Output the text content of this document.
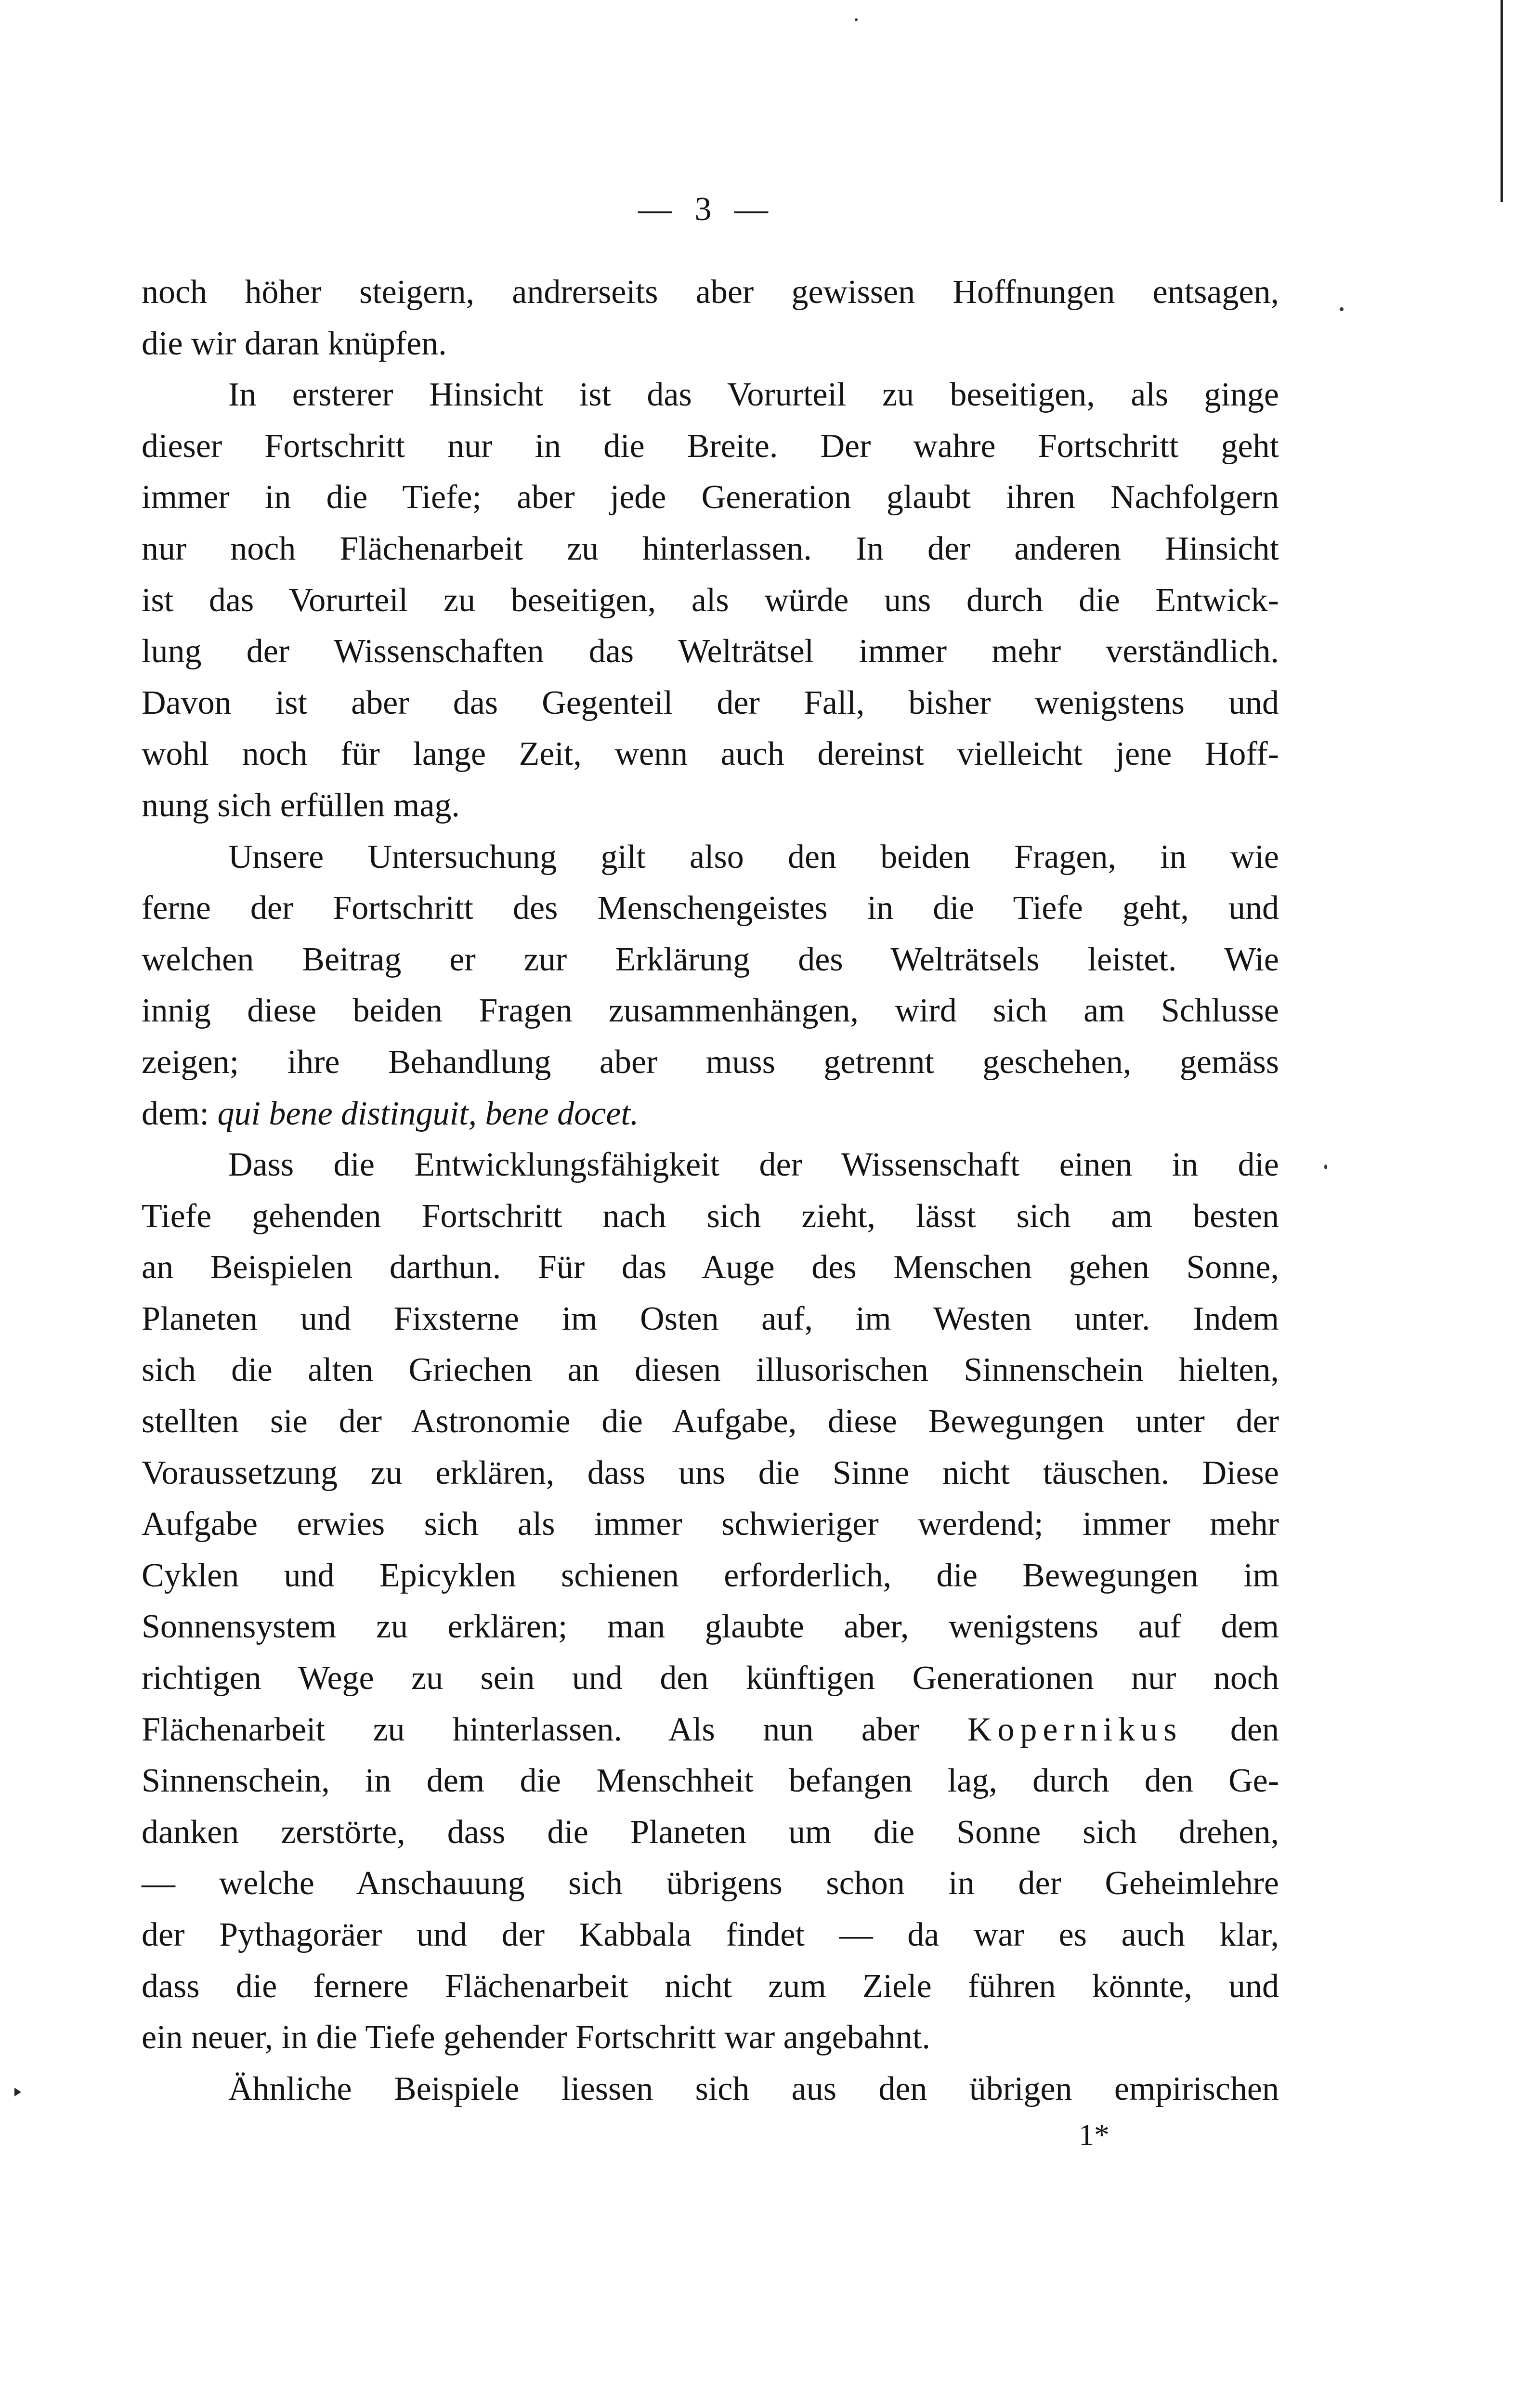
— 3 —
noch höher steigern, andrerseits aber gewissen Hoffnungen entsagen,
die wir daran knüpfen.
In ersterer Hinsicht ist das Vorurteil zu beseitigen, als ginge
dieser Fortschritt nur in die Breite. Der wahre Fortschritt geht
immer in die Tiefe; aber jede Generation glaubt ihren Nachfolgern
nur noch Flächenarbeit zu hinterlassen. In der anderen Hinsicht
ist das Vorurteil zu beseitigen, als würde uns durch die Entwick-
lung der Wissenschaften das Welträtsel immer mehr verständlich.
Davon ist aber das Gegenteil der Fall, bisher wenigstens und
wohl noch für lange Zeit, wenn auch dereinst vielleicht jene Hoff-
nung sich erfüllen mag.
Unsere Untersuchung gilt also den beiden Fragen, in wie
ferne der Fortschritt des Menschengeistes in die Tiefe geht, und
welchen Beitrag er zur Erklärung des Welträtsels leistet. Wie
innig diese beiden Fragen zusammenhängen, wird sich am Schlusse
zeigen; ihre Behandlung aber muss getrennt geschehen, gemäss
dem: qui bene distinguit, bene docet.
Dass die Entwicklungsfähigkeit der Wissenschaft einen in die
Tiefe gehenden Fortschritt nach sich zieht, lässt sich am besten
an Beispielen darthun. Für das Auge des Menschen gehen Sonne,
Planeten und Fixsterne im Osten auf, im Westen unter. Indem
sich die alten Griechen an diesen illusorischen Sinnenschein hielten,
stellten sie der Astronomie die Aufgabe, diese Bewegungen unter der
Voraussetzung zu erklären, dass uns die Sinne nicht täuschen. Diese
Aufgabe erwies sich als immer schwieriger werdend; immer mehr
Cyklen und Epicyklen schienen erforderlich, die Bewegungen im
Sonnensystem zu erklären; man glaubte aber, wenigstens auf dem
richtigen Wege zu sein und den künftigen Generationen nur noch
Flächenarbeit zu hinterlassen. Als nun aber Kopernikus den
Sinnenschein, in dem die Menschheit befangen lag, durch den Ge-
danken zerstörte, dass die Planeten um die Sonne sich drehen,
— welche Anschauung sich übrigens schon in der Geheimlehre
der Pythagoräer und der Kabbala findet — da war es auch klar,
dass die fernere Flächenarbeit nicht zum Ziele führen könnte, und
ein neuer, in die Tiefe gehender Fortschritt war angebahnt.
Ähnliche Beispiele liessen sich aus den übrigen empirischen
1*
